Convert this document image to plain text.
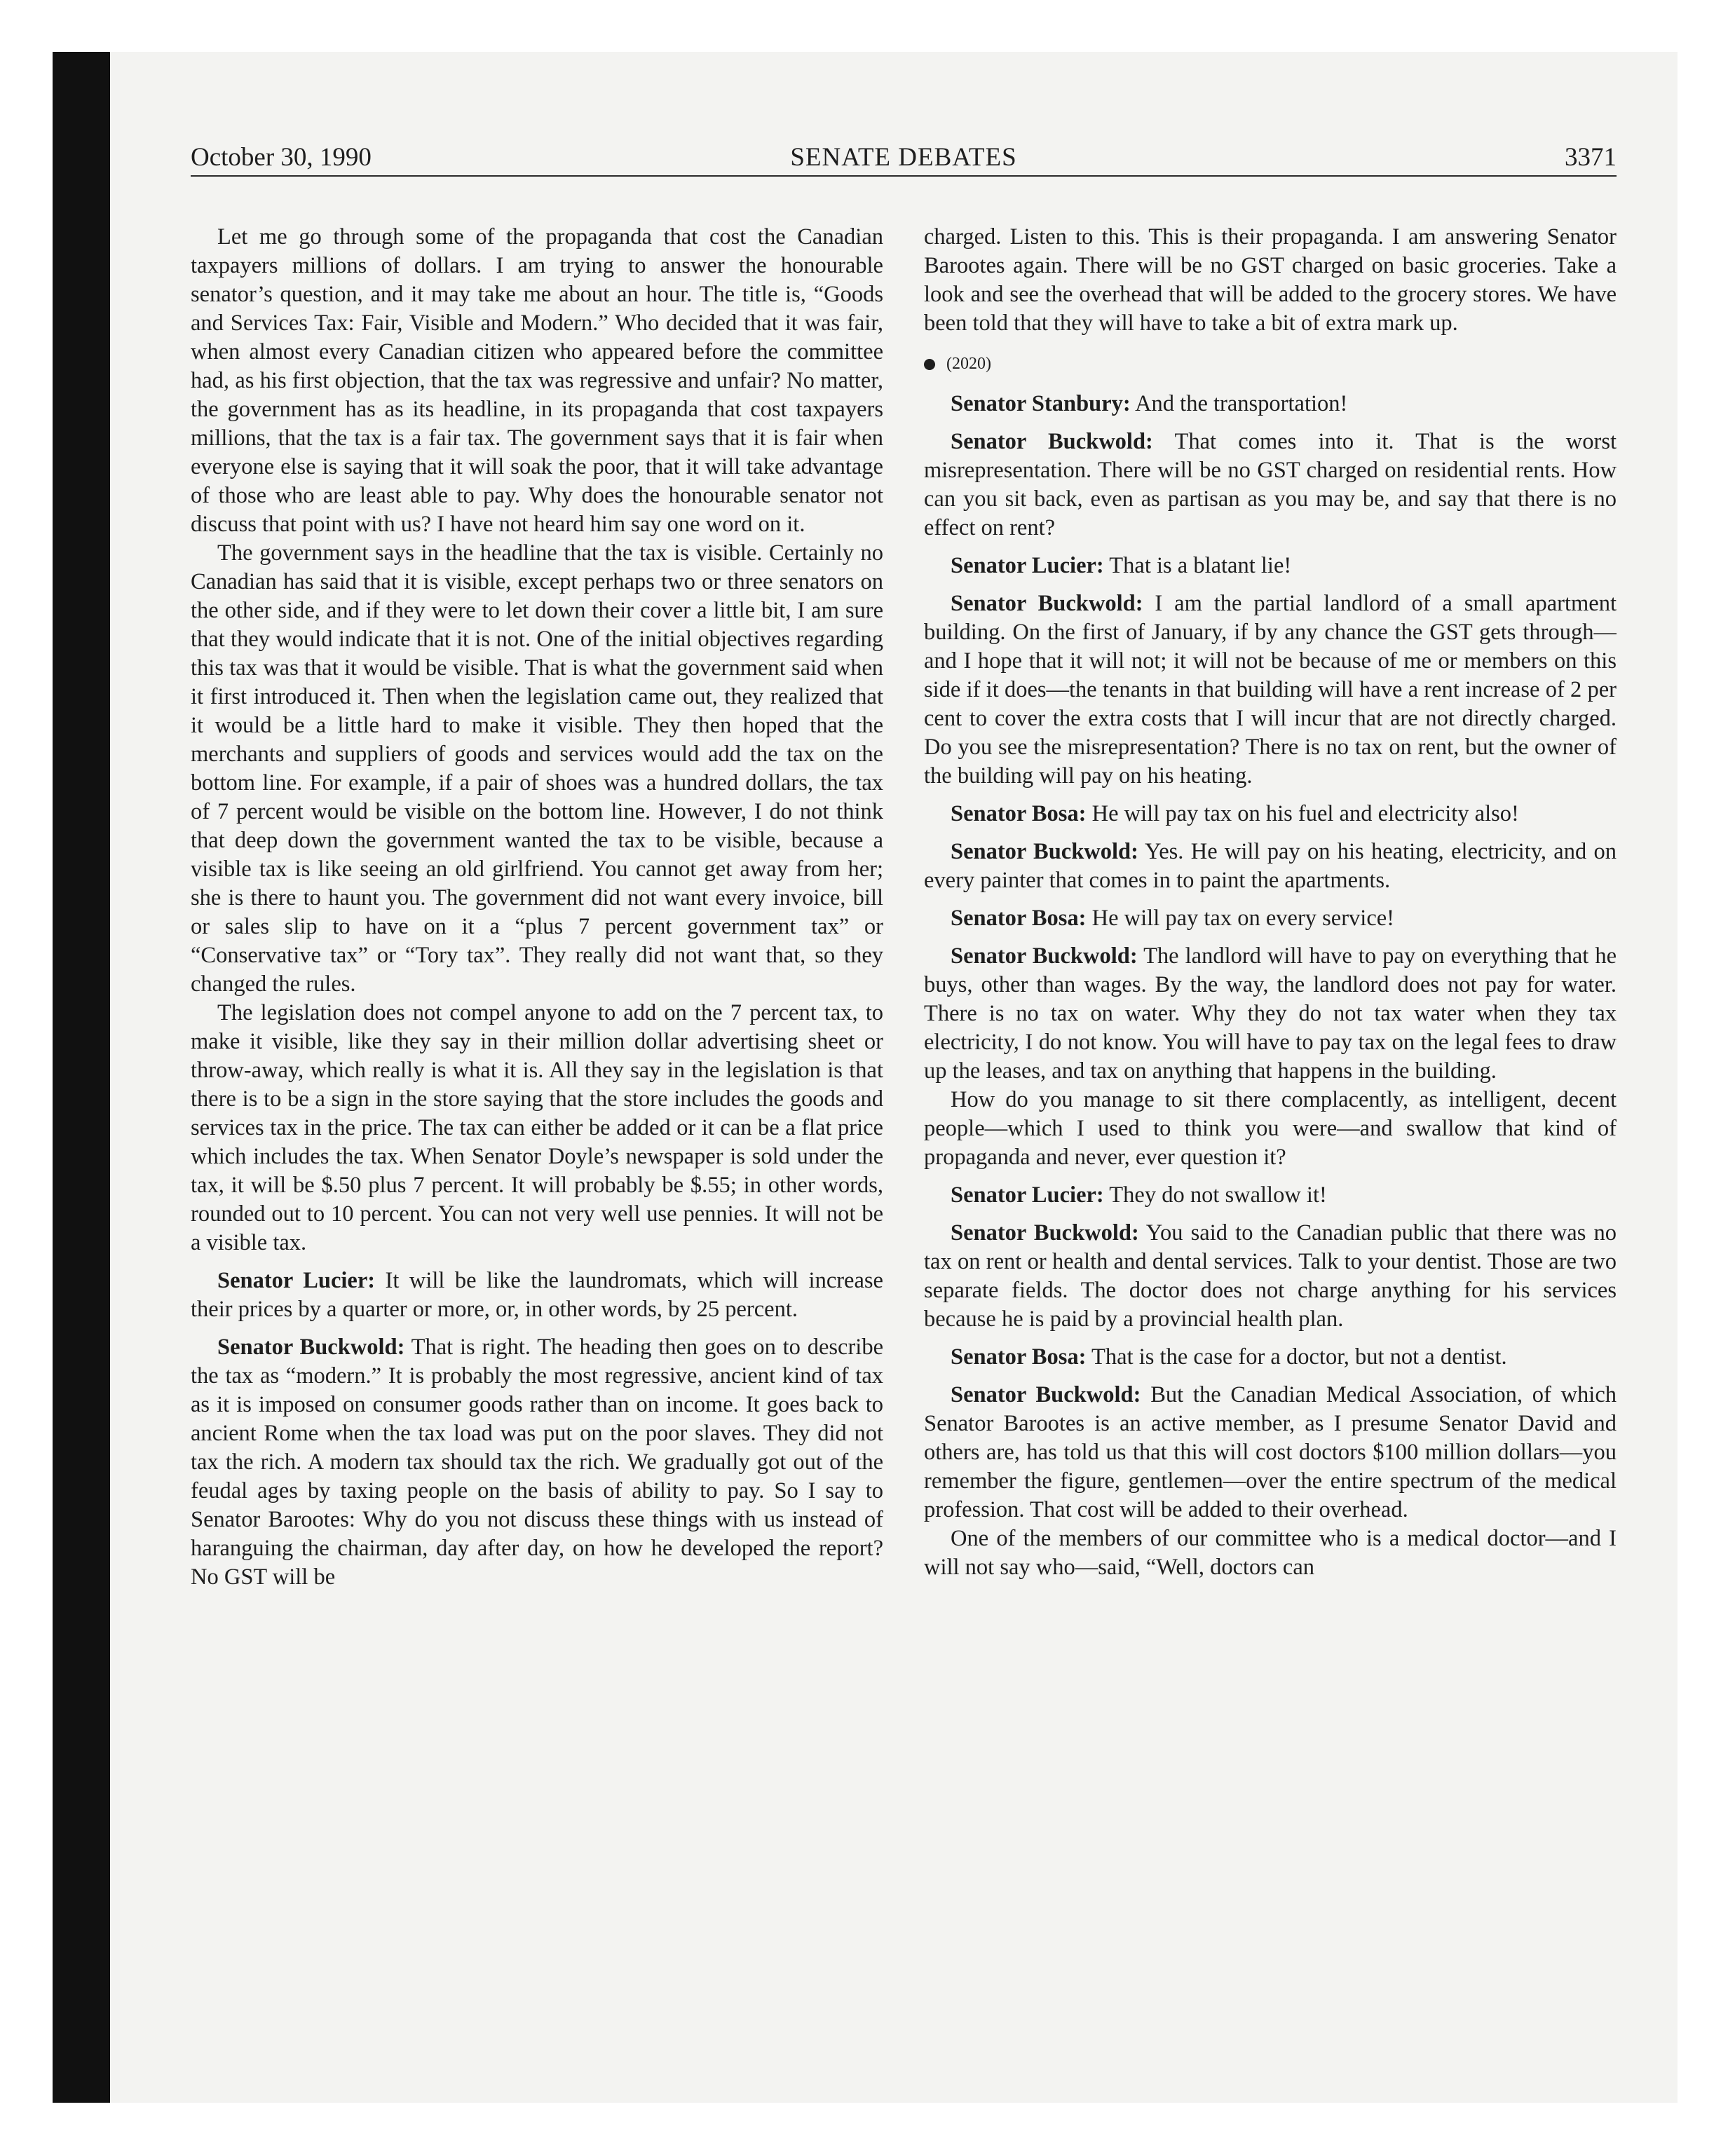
October 30, 1990	SENATE DEBATES	3371

Let me go through some of the propaganda that cost the Canadian taxpayers millions of dollars. I am trying to answer the honourable senator’s question, and it may take me about an hour. The title is, “Goods and Services Tax: Fair, Visible and Modern.” Who decided that it was fair, when almost every Canadian citizen who appeared before the committee had, as his first objection, that the tax was regressive and unfair? No matter, the government has as its headline, in its propaganda that cost taxpayers millions, that the tax is a fair tax. The government says that it is fair when everyone else is saying that it will soak the poor, that it will take advantage of those who are least able to pay. Why does the honourable senator not discuss that point with us? I have not heard him say one word on it.

The government says in the headline that the tax is visible. Certainly no Canadian has said that it is visible, except perhaps two or three senators on the other side, and if they were to let down their cover a little bit, I am sure that they would indicate that it is not. One of the initial objectives regarding this tax was that it would be visible. That is what the government said when it first introduced it. Then when the legislation came out, they realized that it would be a little hard to make it visible. They then hoped that the merchants and suppliers of goods and services would add the tax on the bottom line. For example, if a pair of shoes was a hundred dollars, the tax of 7 percent would be visible on the bottom line. However, I do not think that deep down the government wanted the tax to be visible, because a visible tax is like seeing an old girlfriend. You cannot get away from her; she is there to haunt you. The government did not want every invoice, bill or sales slip to have on it a “plus 7 percent government tax” or “Conservative tax” or “Tory tax”. They really did not want that, so they changed the rules.

The legislation does not compel anyone to add on the 7 percent tax, to make it visible, like they say in their million dollar advertising sheet or throw-away, which really is what it is. All they say in the legislation is that there is to be a sign in the store saying that the store includes the goods and services tax in the price. The tax can either be added or it can be a flat price which includes the tax. When Senator Doyle’s newspaper is sold under the tax, it will be $.50 plus 7 percent. It will probably be $.55; in other words, rounded out to 10 percent. You can not very well use pennies. It will not be a visible tax.

Senator Lucier: It will be like the laundromats, which will increase their prices by a quarter or more, or, in other words, by 25 percent.

Senator Buckwold: That is right. The heading then goes on to describe the tax as “modern.” It is probably the most regressive, ancient kind of tax as it is imposed on consumer goods rather than on income. It goes back to ancient Rome when the tax load was put on the poor slaves. They did not tax the rich. A modern tax should tax the rich. We gradually got out of the feudal ages by taxing people on the basis of ability to pay. So I say to Senator Barootes: Why do you not discuss these things with us instead of haranguing the chairman, day after day, on how he developed the report? No GST will be

charged. Listen to this. This is their propaganda. I am answering Senator Barootes again. There will be no GST charged on basic groceries. Take a look and see the overhead that will be added to the grocery stores. We have been told that they will have to take a bit of extra mark up.

(2020)

Senator Stanbury: And the transportation!

Senator Buckwold: That comes into it. That is the worst misrepresentation. There will be no GST charged on residential rents. How can you sit back, even as partisan as you may be, and say that there is no effect on rent?

Senator Lucier: That is a blatant lie!

Senator Buckwold: I am the partial landlord of a small apartment building. On the first of January, if by any chance the GST gets through—and I hope that it will not; it will not be because of me or members on this side if it does—the tenants in that building will have a rent increase of 2 per cent to cover the extra costs that I will incur that are not directly charged. Do you see the misrepresentation? There is no tax on rent, but the owner of the building will pay on his heating.

Senator Bosa: He will pay tax on his fuel and electricity also!

Senator Buckwold: Yes. He will pay on his heating, electricity, and on every painter that comes in to paint the apartments.

Senator Bosa: He will pay tax on every service!

Senator Buckwold: The landlord will have to pay on everything that he buys, other than wages. By the way, the landlord does not pay for water. There is no tax on water. Why they do not tax water when they tax electricity, I do not know. You will have to pay tax on the legal fees to draw up the leases, and tax on anything that happens in the building.

How do you manage to sit there complacently, as intelligent, decent people—which I used to think you were—and swallow that kind of propaganda and never, ever question it?

Senator Lucier: They do not swallow it!

Senator Buckwold: You said to the Canadian public that there was no tax on rent or health and dental services. Talk to your dentist. Those are two separate fields. The doctor does not charge anything for his services because he is paid by a provincial health plan.

Senator Bosa: That is the case for a doctor, but not a dentist.

Senator Buckwold: But the Canadian Medical Association, of which Senator Barootes is an active member, as I presume Senator David and others are, has told us that this will cost doctors $100 million dollars—you remember the figure, gentlemen—over the entire spectrum of the medical profession. That cost will be added to their overhead.

One of the members of our committee who is a medical doctor—and I will not say who—said, “Well, doctors can
